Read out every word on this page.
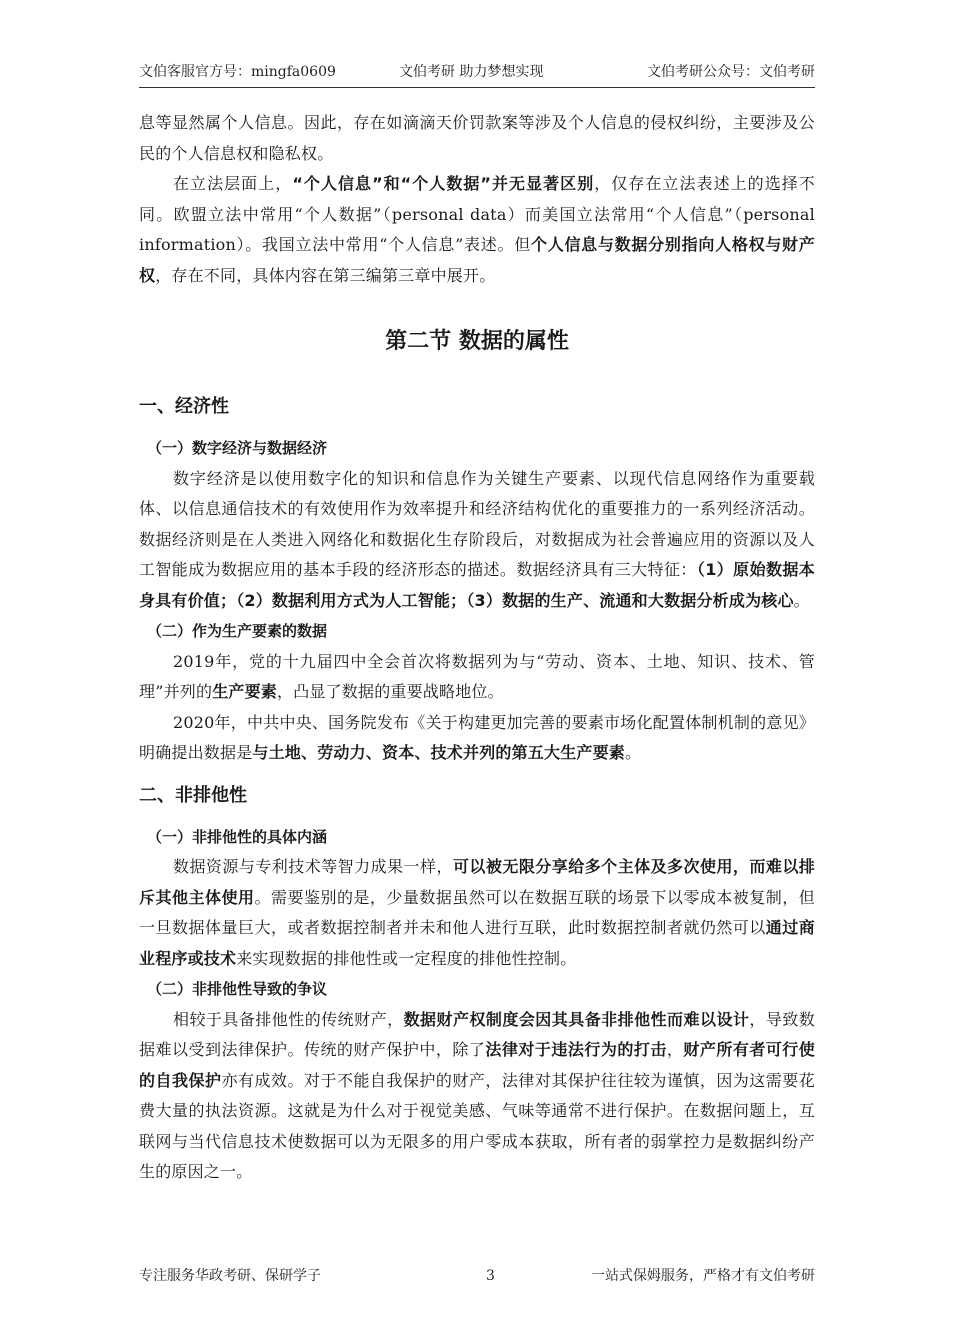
文伯客服官方号：mingfa0609	文伯考研 助力梦想实现	文伯考研公众号：文伯考研

息等显然属个人信息。因此，存在如滴滴天价罚款案等涉及个人信息的侵权纠纷，主要涉及公民的个人信息权和隐私权。

在立法层面上，“个人信息”和“个人数据”并无显著区别，仅存在立法表述上的选择不同。欧盟立法中常用“个人数据”（personal data）而美国立法常用“个人信息”（personal information）。我国立法中常用“个人信息”表述。但个人信息与数据分别指向人格权与财产权，存在不同，具体内容在第三编第三章中展开。

第二节 数据的属性
一、经济性
（一）数字经济与数据经济

数字经济是以使用数字化的知识和信息作为关键生产要素、以现代信息网络作为重要载体、以信息通信技术的有效使用作为效率提升和经济结构优化的重要推力的一系列经济活动。数据经济则是在人类进入网络化和数据化生存阶段后，对数据成为社会普遍应用的资源以及人工智能成为数据应用的基本手段的经济形态的描述。数据经济具有三大特征：（1）原始数据本身具有价值；（2）数据利用方式为人工智能；（3）数据的生产、流通和大数据分析成为核心。

（二）作为生产要素的数据

2019年，党的十九届四中全会首次将数据列为与“劳动、资本、土地、知识、技术、管理”并列的生产要素，凸显了数据的重要战略地位。

2020年，中共中央、国务院发布《关于构建更加完善的要素市场化配置体制机制的意见》明确提出数据是与土地、劳动力、资本、技术并列的第五大生产要素。

二、非排他性
（一）非排他性的具体内涵

数据资源与专利技术等智力成果一样，可以被无限分享给多个主体及多次使用，而难以排斥其他主体使用。需要鉴别的是，少量数据虽然可以在数据互联的场景下以零成本被复制，但一旦数据体量巨大，或者数据控制者并未和他人进行互联，此时数据控制者就仍然可以通过商业程序或技术来实现数据的排他性或一定程度的排他性控制。

（二）非排他性导致的争议

相较于具备排他性的传统财产，数据财产权制度会因其具备非排他性而难以设计，导致数据难以受到法律保护。传统的财产保护中，除了法律对于违法行为的打击，财产所有者可行使的自我保护亦有成效。对于不能自我保护的财产，法律对其保护往往较为谨慎，因为这需要花费大量的执法资源。这就是为什么对于视觉美感、气味等通常不进行保护。在数据问题上，互联网与当代信息技术使数据可以为无限多的用户零成本获取，所有者的弱掌控力是数据纠纷产生的原因之一。

专注服务华政考研、保研学子	3	一站式保姆服务，严格才有文伯考研
